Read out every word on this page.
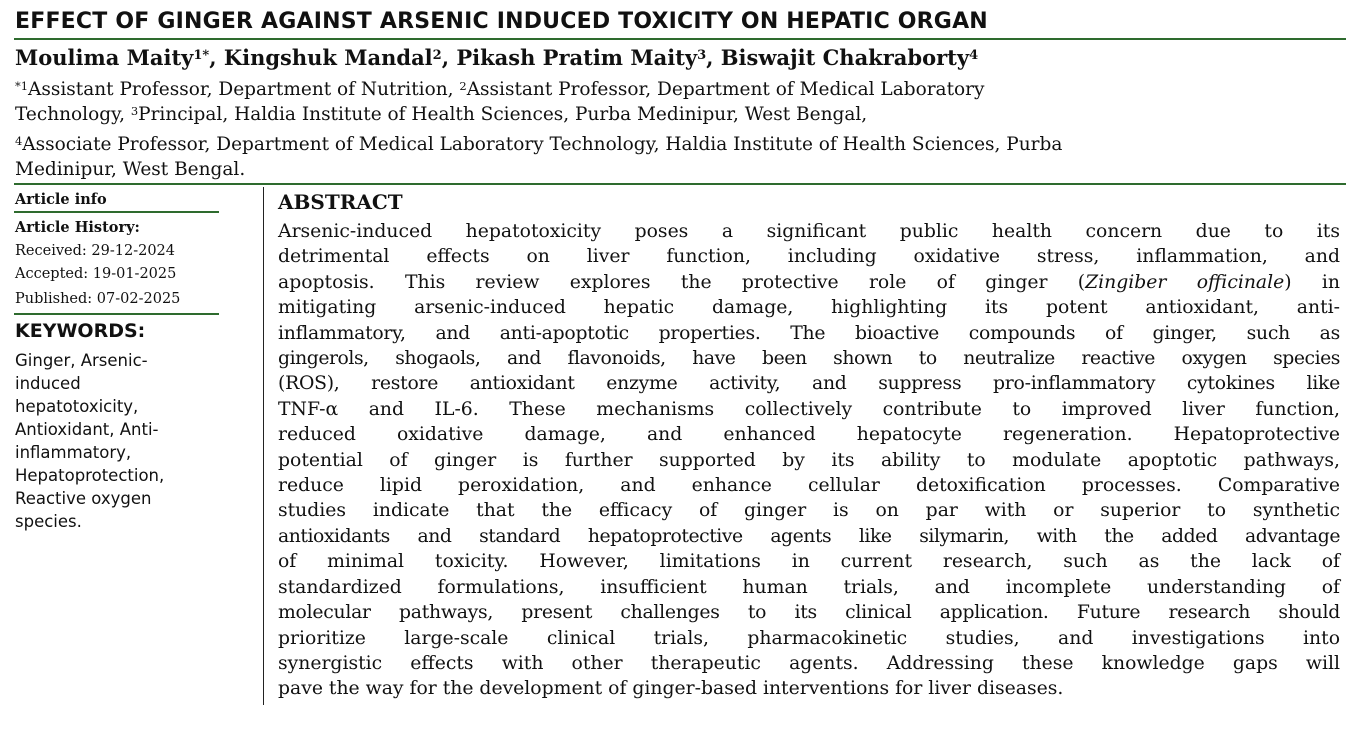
EFFECT OF GINGER AGAINST ARSENIC INDUCED TOXICITY ON HEPATIC ORGAN
Moulima Maity$^{1*}$, Kingshuk Mandal$^2$, Pikash Pratim Maity$^3$, Biswajit Chakraborty$^4$
$^{*1}$Assistant Professor, Department of Nutrition, $^2$Assistant Professor, Department of Medical Laboratory
Technology, $^3$Principal, Haldia Institute of Health Sciences, Purba Medinipur, West Bengal,
$^4$Associate Professor, Department of Medical Laboratory Technology, Haldia Institute of Health Sciences, Purba
Medinipur, West Bengal.
Article info
Article History:
Received: 29-12-2024
Accepted: 19-01-2025
Published: 07-02-2025
KEYWORDS:
Ginger, Arsenic-
induced
hepatotoxicity,
Antioxidant, Anti-
inflammatory,
Hepatoprotection,
Reactive oxygen
species.
ABSTRACT
Arsenic-induced hepatotoxicity poses a significant public health concern due to its
detrimental effects on liver function, including oxidative stress, inflammation, and
apoptosis. This review explores the protective role of ginger (Zingiber officinale) in
mitigating arsenic-induced hepatic damage, highlighting its potent antioxidant, anti-
inflammatory, and anti-apoptotic properties. The bioactive compounds of ginger, such as
gingerols, shogaols, and flavonoids, have been shown to neutralize reactive oxygen species
(ROS), restore antioxidant enzyme activity, and suppress pro-inflammatory cytokines like
TNF-α and IL-6. These mechanisms collectively contribute to improved liver function,
reduced oxidative damage, and enhanced hepatocyte regeneration. Hepatoprotective
potential of ginger is further supported by its ability to modulate apoptotic pathways,
reduce lipid peroxidation, and enhance cellular detoxification processes. Comparative
studies indicate that the efficacy of ginger is on par with or superior to synthetic
antioxidants and standard hepatoprotective agents like silymarin, with the added advantage
of minimal toxicity. However, limitations in current research, such as the lack of
standardized formulations, insufficient human trials, and incomplete understanding of
molecular pathways, present challenges to its clinical application. Future research should
prioritize large-scale clinical trials, pharmacokinetic studies, and investigations into
synergistic effects with other therapeutic agents. Addressing these knowledge gaps will
pave the way for the development of ginger-based interventions for liver diseases.
